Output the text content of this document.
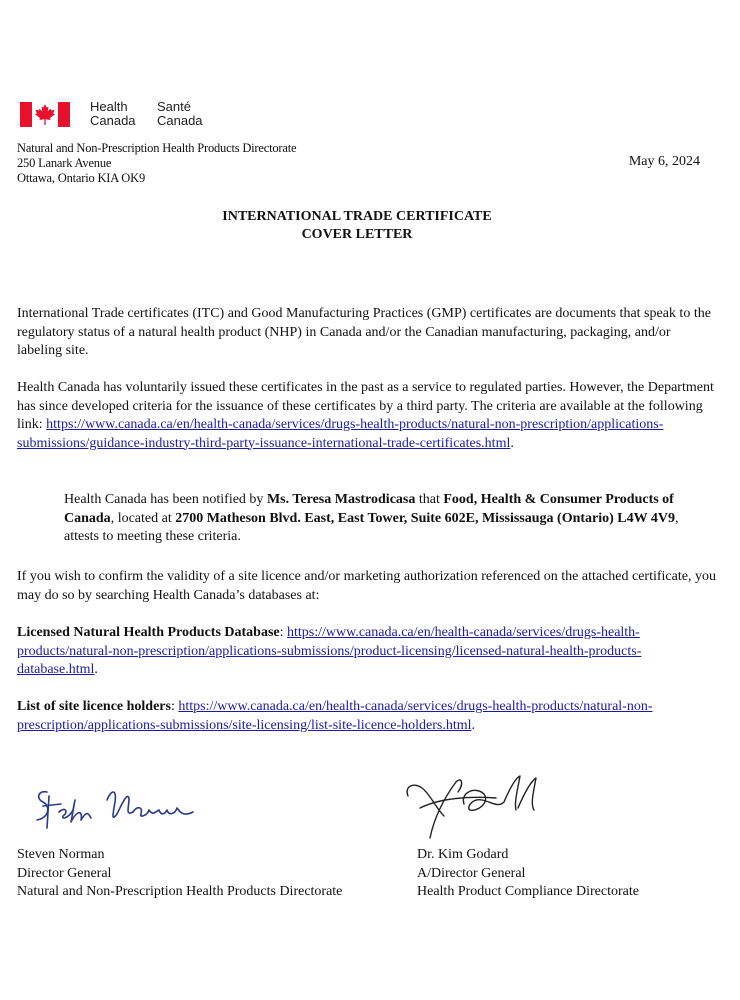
Health
Canada
Santé
Canada
Natural and Non-Prescription Health Products Directorate
250 Lanark Avenue
Ottawa, Ontario KIA OK9
May 6, 2024
INTERNATIONAL TRADE CERTIFICATE
COVER LETTER
International Trade certificates (ITC) and Good Manufacturing Practices (GMP) certificates are documents that speak to the regulatory status of a natural health product (NHP) in Canada and/or the Canadian manufacturing, packaging, and/or labeling site.
Health Canada has voluntarily issued these certificates in the past as a service to regulated parties. However, the Department has since developed criteria for the issuance of these certificates by a third party. The criteria are available at the following link: https://www.canada.ca/en/health-canada/services/drugs-health-products/natural-non-prescription/applications-submissions/guidance-industry-third-party-issuance-international-trade-certificates.html.
Health Canada has been notified by Ms. Teresa Mastrodicasa that Food, Health & Consumer Products of Canada, located at 2700 Matheson Blvd. East, East Tower, Suite 602E, Mississauga (Ontario) L4W 4V9, attests to meeting these criteria.
If you wish to confirm the validity of a site licence and/or marketing authorization referenced on the attached certificate, you may do so by searching Health Canada’s databases at:
Licensed Natural Health Products Database: https://www.canada.ca/en/health-canada/services/drugs-health-products/natural-non-prescription/applications-submissions/product-licensing/licensed-natural-health-products-database.html.
List of site licence holders: https://www.canada.ca/en/health-canada/services/drugs-health-products/natural-non-prescription/applications-submissions/site-licensing/list-site-licence-holders.html.
Steven Norman
Director General
Natural and Non-Prescription Health Products Directorate
Dr. Kim Godard
A/Director General
Health Product Compliance Directorate
